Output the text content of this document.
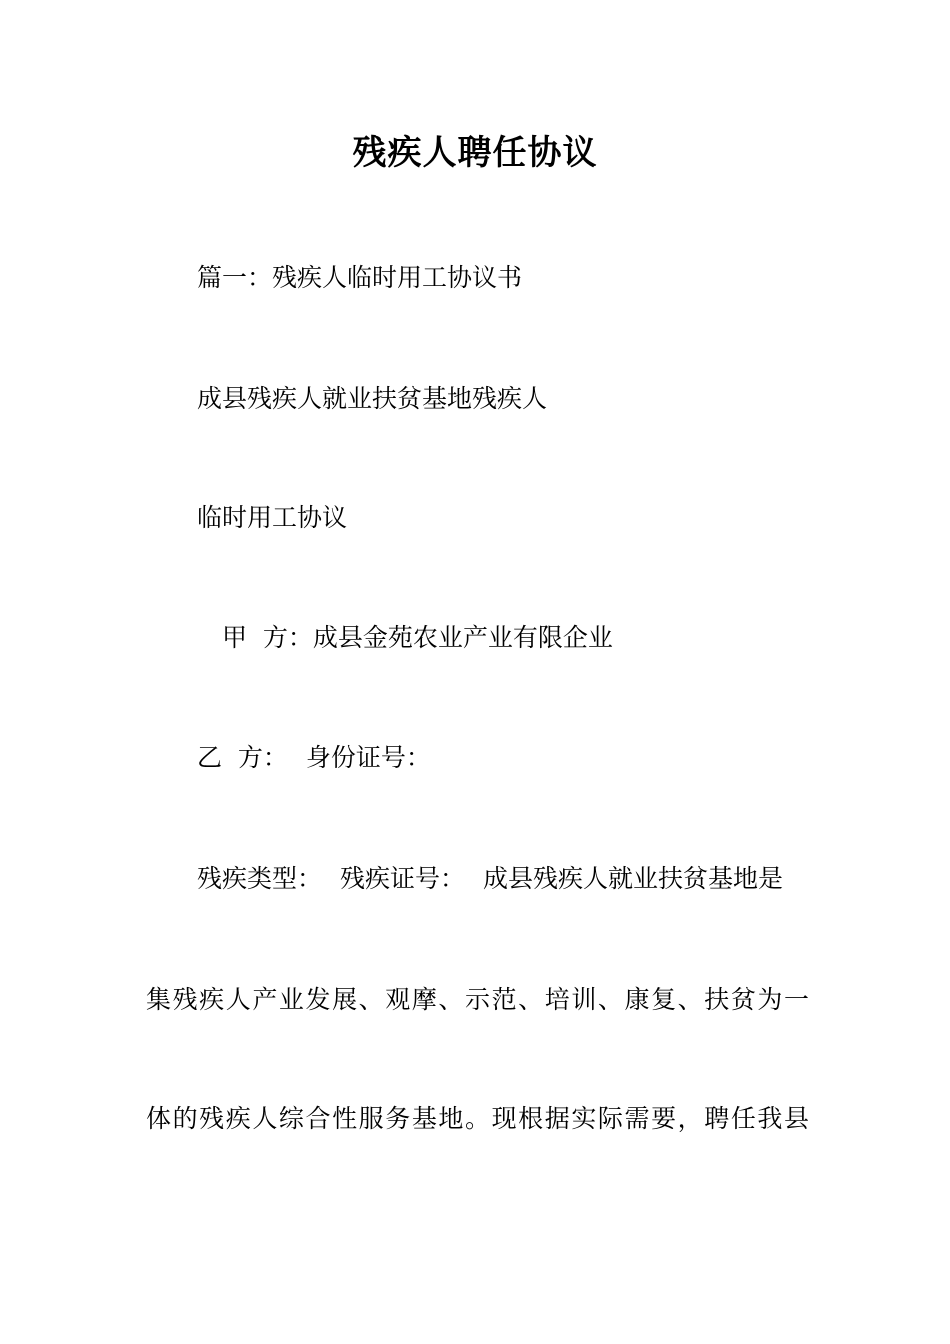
残疾人聘任协议
篇一：残疾人临时用工协议书
成县残疾人就业扶贫基地残疾人
临时用工协议
甲  方：成县金苑农业产业有限企业
乙  方： 身份证号：
残疾类型： 残疾证号： 成县残疾人就业扶贫基地是
集残疾人产业发展、观摩、示范、培训、康复、扶贫为一
体的残疾人综合性服务基地。现根据实际需要，聘任我县
